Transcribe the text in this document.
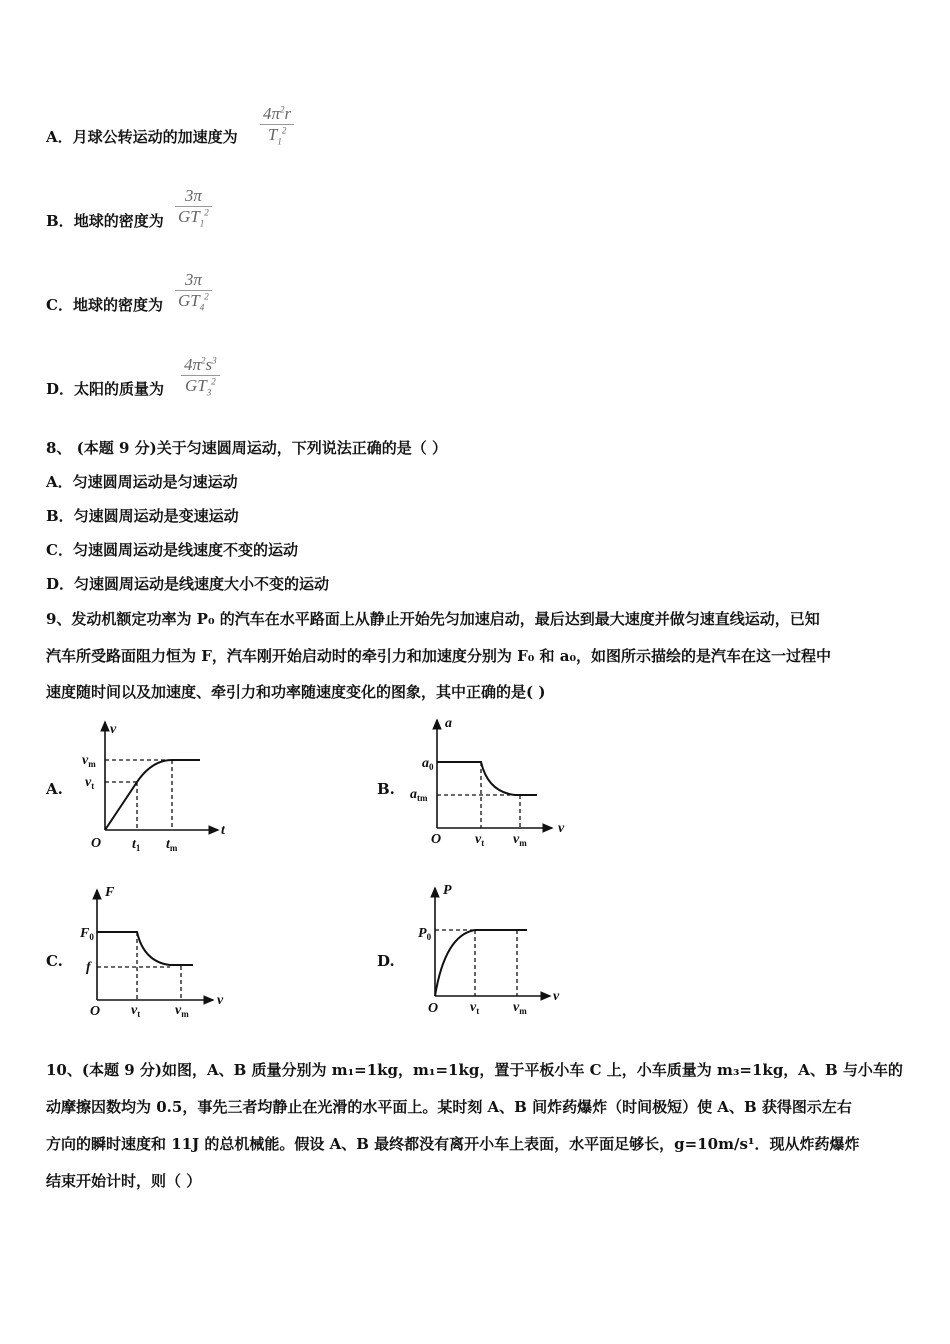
A．月球公转运动的加速度为 $\frac{4\pi^2r}{T_1^2}$
B．地球的密度为 $\frac{3\pi}{GT_1^2}$
C．地球的密度为 $\frac{3\pi}{GT_4^2}$
D．太阳的质量为 $\frac{4\pi^2s^3}{GT_3^2}$
8、 (本题 9 分)关于匀速圆周运动，下列说法正确的是（ ）
A．匀速圆周运动是匀速运动
B．匀速圆周运动是变速运动
C．匀速圆周运动是线速度不变的运动
D．匀速圆周运动是线速度大小不变的运动
9、发动机额定功率为 P₀ 的汽车在水平路面上从静止开始先匀加速启动，最后达到最大速度并做匀速直线运动，已知
汽车所受路面阻力恒为 F，汽车刚开始启动时的牵引力和加速度分别为 F₀ 和 a₀，如图所示描绘的是汽车在这一过程中
速度随时间以及加速度、牵引力和功率随速度变化的图象，其中正确的是( )
A.	B.
C.	D.
v
t
O
$v_m$
$v_t$
$t_1$ $t_m$
a
v
O
$a_0$
$a_{tm}$
$v_t$ $v_m$
F
v
O
$F_0$
f
$v_t$ $v_m$
P
v
O
$P_0$
$v_t$ $v_m$
10、(本题 9 分)如图，A、B 质量分别为 m₁=1kg，m₁=1kg，置于平板小车 C 上，小车质量为 m₃=1kg，A、B 与小车的
动摩擦因数均为 0.5，事先三者均静止在光滑的水平面上。某时刻 A、B 间炸药爆炸（时间极短）使 A、B 获得图示左右
方向的瞬时速度和 11J 的总机械能。假设 A、B 最终都没有离开小车上表面，水平面足够长，g=10m/s¹．现从炸药爆炸
结束开始计时，则（ ）
